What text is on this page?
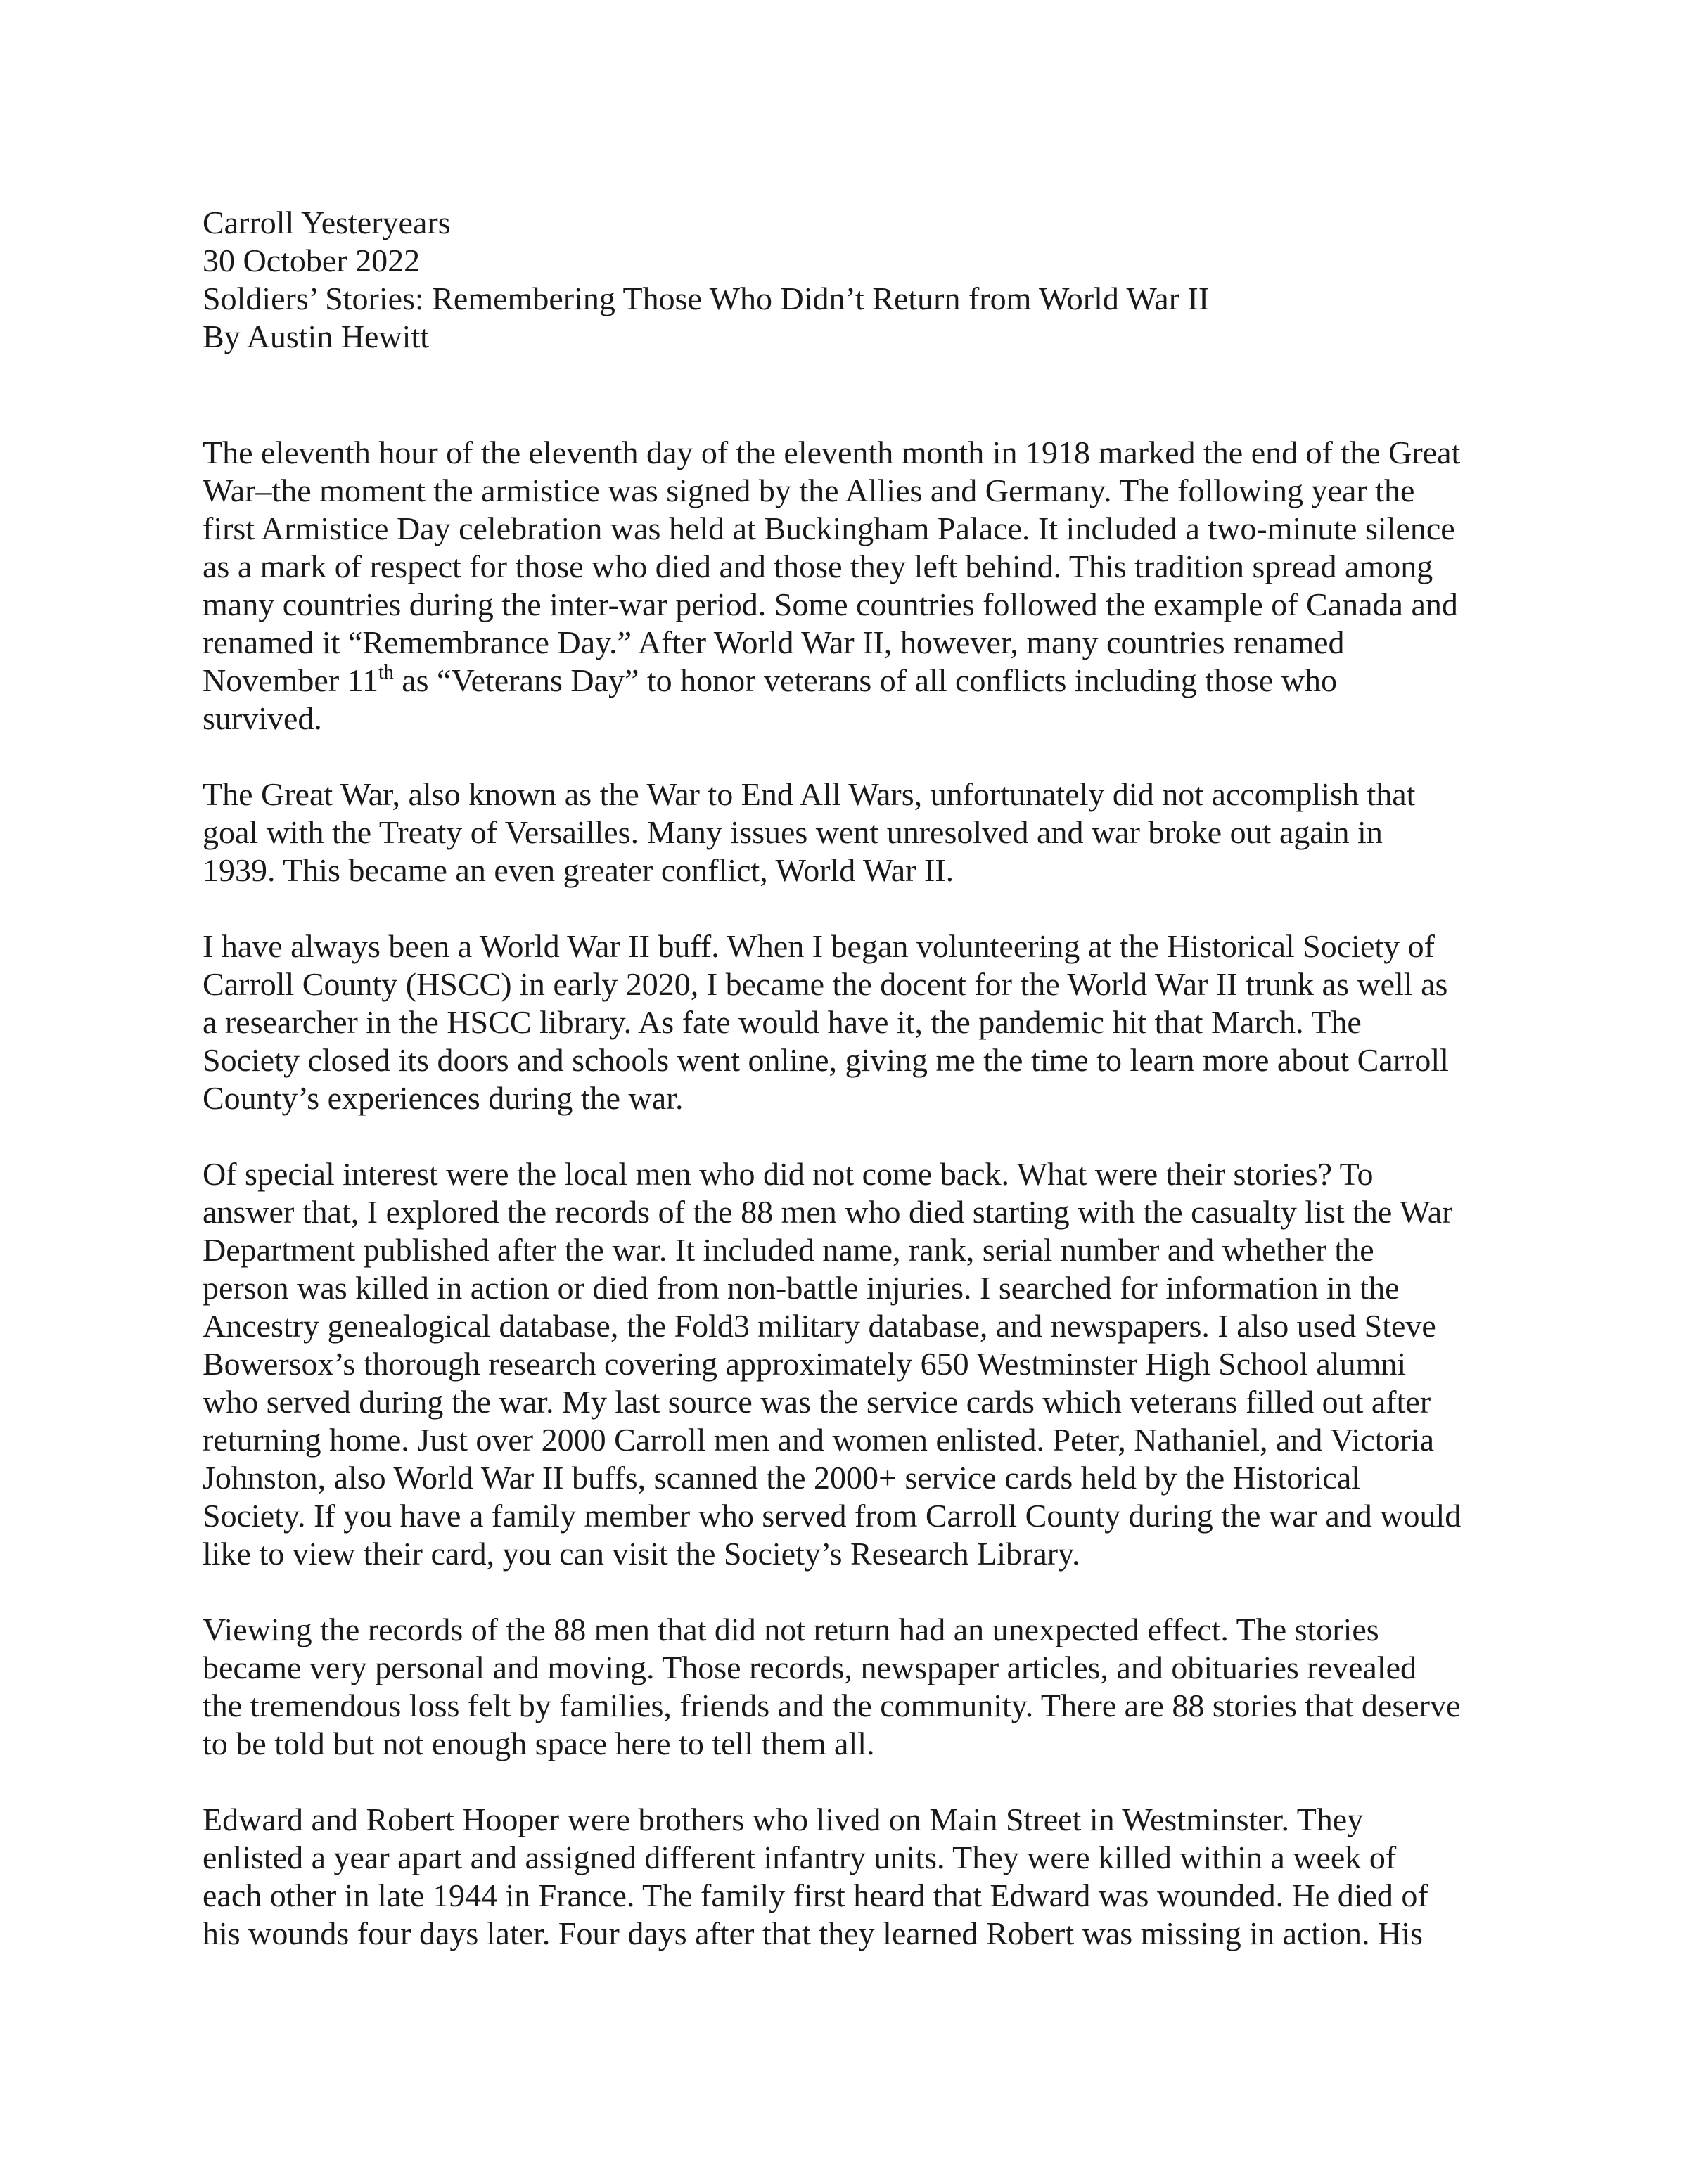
Carroll Yesteryears
30 October 2022
Soldiers’ Stories: Remembering Those Who Didn’t Return from World War II
By Austin Hewitt

The eleventh hour of the eleventh day of the eleventh month in 1918 marked the end of the Great
War–the moment the armistice was signed by the Allies and Germany. The following year the
first Armistice Day celebration was held at Buckingham Palace. It included a two-minute silence
as a mark of respect for those who died and those they left behind. This tradition spread among
many countries during the inter-war period. Some countries followed the example of Canada and
renamed it “Remembrance Day.” After World War II, however, many countries renamed
November 11th as “Veterans Day” to honor veterans of all conflicts including those who
survived.

The Great War, also known as the War to End All Wars, unfortunately did not accomplish that
goal with the Treaty of Versailles. Many issues went unresolved and war broke out again in
1939. This became an even greater conflict, World War II.

I have always been a World War II buff. When I began volunteering at the Historical Society of
Carroll County (HSCC) in early 2020, I became the docent for the World War II trunk as well as
a researcher in the HSCC library. As fate would have it, the pandemic hit that March. The
Society closed its doors and schools went online, giving me the time to learn more about Carroll
County’s experiences during the war.

Of special interest were the local men who did not come back. What were their stories? To
answer that, I explored the records of the 88 men who died starting with the casualty list the War
Department published after the war. It included name, rank, serial number and whether the
person was killed in action or died from non-battle injuries. I searched for information in the
Ancestry genealogical database, the Fold3 military database, and newspapers. I also used Steve
Bowersox’s thorough research covering approximately 650 Westminster High School alumni
who served during the war. My last source was the service cards which veterans filled out after
returning home. Just over 2000 Carroll men and women enlisted. Peter, Nathaniel, and Victoria
Johnston, also World War II buffs, scanned the 2000+ service cards held by the Historical
Society. If you have a family member who served from Carroll County during the war and would
like to view their card, you can visit the Society’s Research Library.

Viewing the records of the 88 men that did not return had an unexpected effect. The stories
became very personal and moving. Those records, newspaper articles, and obituaries revealed
the tremendous loss felt by families, friends and the community. There are 88 stories that deserve
to be told but not enough space here to tell them all.

Edward and Robert Hooper were brothers who lived on Main Street in Westminster. They
enlisted a year apart and assigned different infantry units. They were killed within a week of
each other in late 1944 in France. The family first heard that Edward was wounded. He died of
his wounds four days later. Four days after that they learned Robert was missing in action. His
